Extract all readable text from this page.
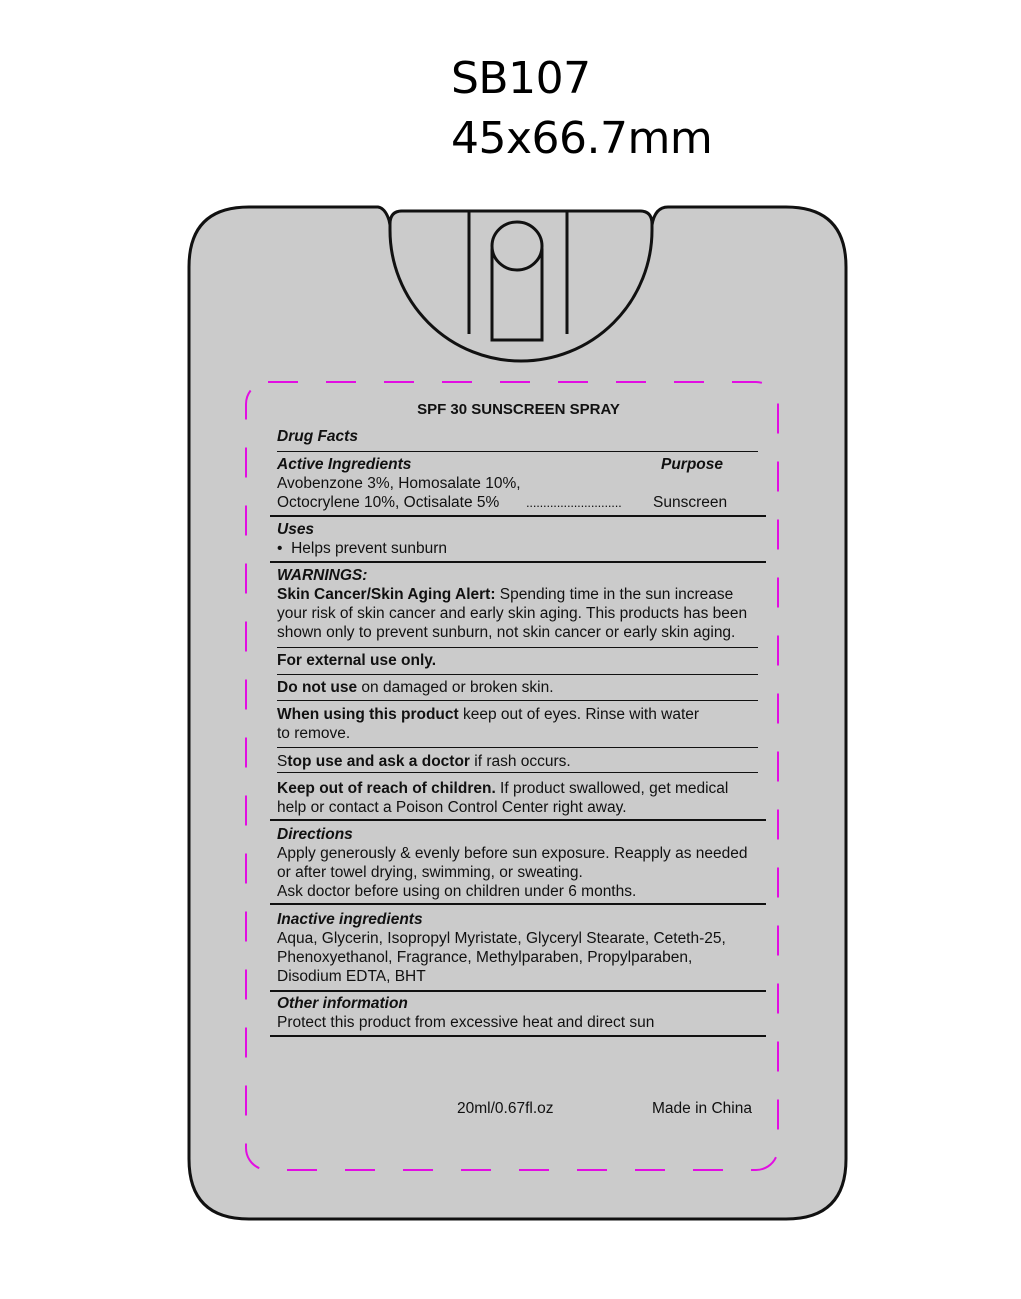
SB107
45x66.7mm
SPF 30 SUNSCREEN SPRAY
Drug Facts
Active Ingredients	Purpose
Avobenzone 3%, Homosalate 10%,
Octocrylene 10%, Octisalate 5% ............................ Sunscreen
Uses
• Helps prevent sunburn
WARNINGS:
Skin Cancer/Skin Aging Alert: Spending time in the sun increase your risk of skin cancer and early skin aging. This products has been shown only to prevent sunburn, not skin cancer or early skin aging.
For external use only.
Do not use on damaged or broken skin.
When using this product keep out of eyes. Rinse with water
to remove.
Stop use and ask a doctor if rash occurs.
Keep out of reach of children. If product swallowed, get medical
help or contact a Poison Control Center right away.
Directions
Apply generously & evenly before sun exposure. Reapply as needed
or after towel drying, swimming, or sweating.
Ask doctor before using on children under 6 months.
Inactive ingredients
Aqua, Glycerin, Isopropyl Myristate, Glyceryl Stearate, Ceteth-25,
Phenoxyethanol, Fragrance, Methylparaben, Propylparaben,
Disodium EDTA, BHT
Other information
Protect this product from excessive heat and direct sun
20ml/0.67fl.oz	Made in China
